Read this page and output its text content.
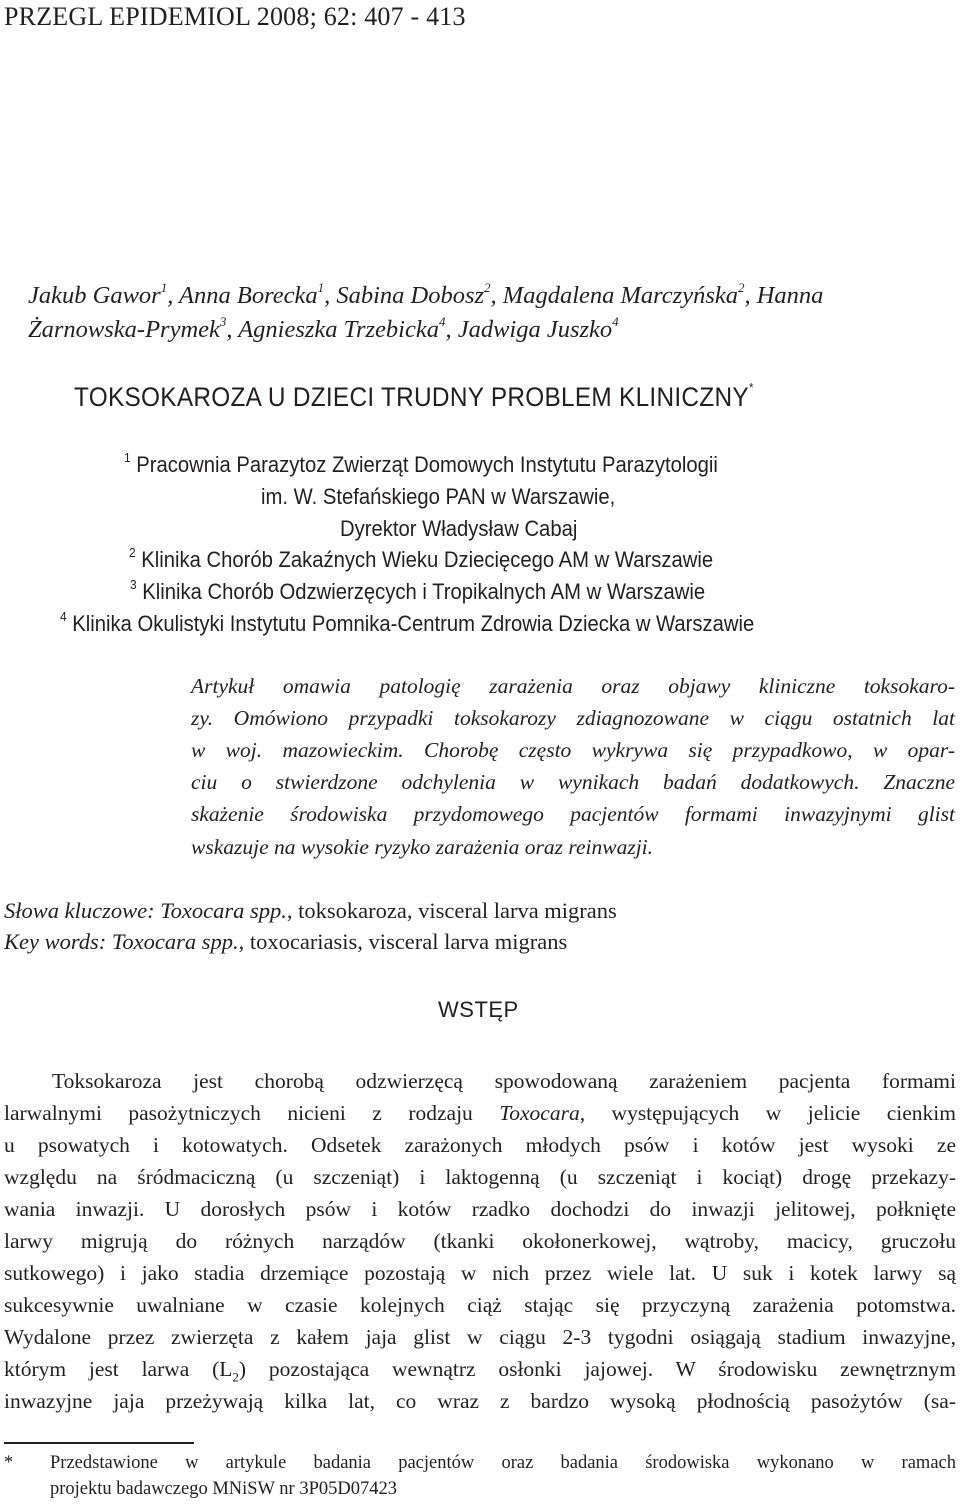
PRZEGL EPIDEMIOL 2008; 62: 407 - 413
Jakub Gawor$^1$, Anna Borecka$^1$, Sabina Dobosz$^2$, Magdalena Marczyńska$^2$, Hanna
Żarnowska-Prymek$^3$, Agnieszka Trzebicka$^4$, Jadwiga Juszko$^4$
TOKSOKAROZA U DZIECI TRUDNY PROBLEM KLINICZNY*
$^1$ Pracownia Parazytoz Zwierząt Domowych Instytutu Parazytologii
im. W. Stefańskiego PAN w Warszawie,
Dyrektor Władysław Cabaj
$^2$ Klinika Chorób Zakaźnych Wieku Dziecięcego AM w Warszawie
$^3$ Klinika Chorób Odzwierzęcych i Tropikalnych AM w Warszawie
$^4$ Klinika Okulistyki Instytutu Pomnika-Centrum Zdrowia Dziecka w Warszawie
Artykuł omawia patologię zarażenia oraz objawy kliniczne toksokaro-
zy. Omówiono przypadki toksokarozy zdiagnozowane w ciągu ostatnich lat
w woj. mazowieckim. Chorobę często wykrywa się przypadkowo, w opar-
ciu o stwierdzone odchylenia w wynikach badań dodatkowych. Znaczne
skażenie środowiska przydomowego pacjentów formami inwazyjnymi glist
wskazuje na wysokie ryzyko zarażenia oraz reinwazji.
Słowa kluczowe: Toxocara spp., toksokaroza, visceral larva migrans
Key words: Toxocara spp., toxocariasis, visceral larva migrans
WSTĘP
Toksokaroza jest chorobą odzwierzęcą spowodowaną zarażeniem pacjenta formami
larwalnymi pasożytniczych nicieni z rodzaju Toxocara, występujących w jelicie cienkim
u psowatych i kotowatych. Odsetek zarażonych młodych psów i kotów jest wysoki ze
względu na śródmaciczną (u szczeniąt) i laktogenną (u szczeniąt i kociąt) drogę przekazy-
wania inwazji. U dorosłych psów i kotów rzadko dochodzi do inwazji jelitowej, połknięte
larwy migrują do różnych narządów (tkanki okołonerkowej, wątroby, macicy, gruczołu
sutkowego) i jako stadia drzemiące pozostają w nich przez wiele lat. U suk i kotek larwy są
sukcesywnie uwalniane w czasie kolejnych ciąż stając się przyczyną zarażenia potomstwa.
Wydalone przez zwierzęta z kałem jaja glist w ciągu 2-3 tygodni osiągają stadium inwazyjne,
którym jest larwa $(L_2)$ pozostająca wewnątrz osłonki jajowej. W środowisku zewnętrznym
inwazyjne jaja przeżywają kilka lat, co wraz z bardzo wysoką płodnością pasożytów (sa-
* Przedstawione w artykule badania pacjentów oraz badania środowiska wykonano w ramach
projektu badawczego MNiSW nr 3P05D07423
